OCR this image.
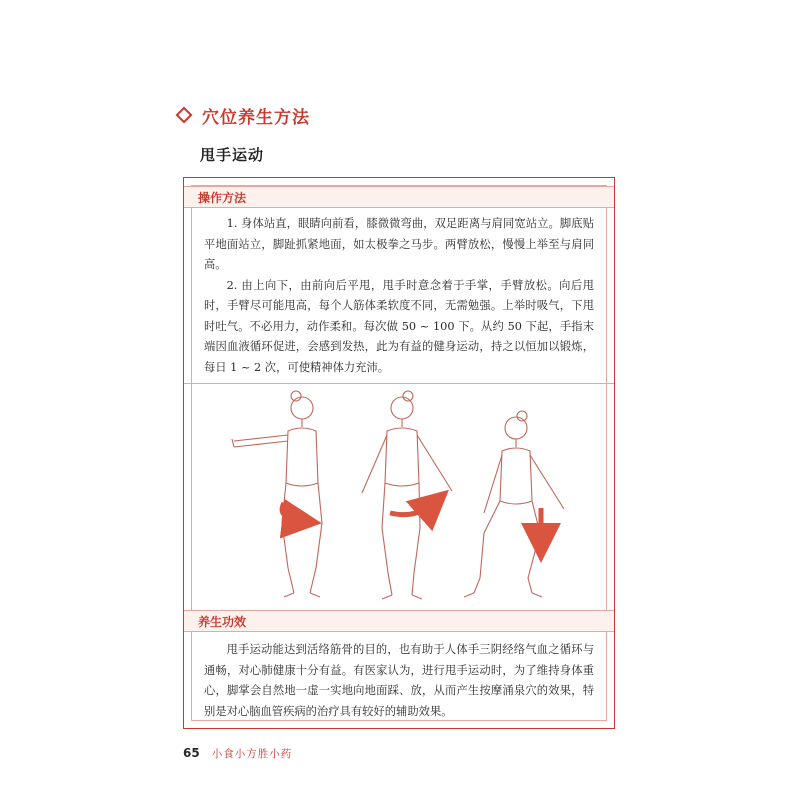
穴位养生方法
甩手运动
操作方法

1. 身体站直，眼睛向前看，膝微微弯曲，双足距离与肩同宽站立。脚底贴平地面站立，脚趾抓紧地面，如太极拳之马步。两臂放松，慢慢上举至与肩同高。

2. 由上向下，由前向后平甩，甩手时意念着于手掌，手臂放松。向后甩时，手臂尽可能甩高，每个人筋体柔软度不同，无需勉强。上举时吸气，下甩时吐气。不必用力，动作柔和。每次做 50 ~ 100 下。从约 50 下起，手指末端因血液循环促进，会感到发热，此为有益的健身运动，持之以恒加以锻炼，每日 1 ~ 2 次，可使精神体力充沛。

养生功效

甩手运动能达到活络筋骨的目的，也有助于人体手三阴经络气血之循环与通畅，对心肺健康十分有益。有医家认为，进行甩手运动时，为了维持身体重心，脚掌会自然地一虚一实地向地面踩、放，从而产生按摩涌泉穴的效果，特别是对心脑血管疾病的治疗具有较好的辅助效果。

65 小食小方胜小药
